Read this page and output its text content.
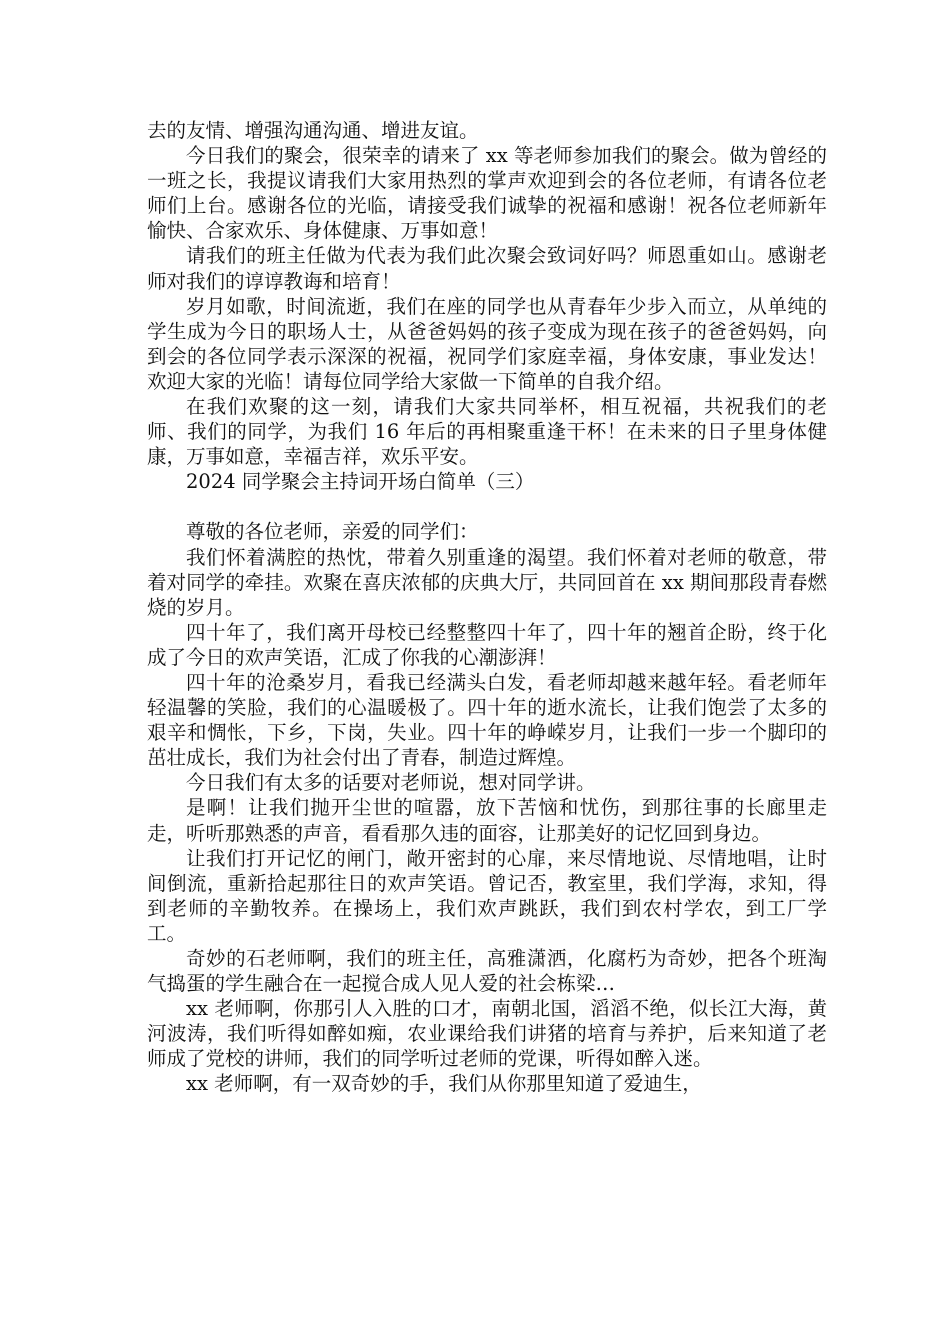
去的友情、增强沟通沟通、增进友谊。

今日我们的聚会，很荣幸的请来了 xx 等老师参加我们的聚会。做为曾经的一班之长，我提议请我们大家用热烈的掌声欢迎到会的各位老师，有请各位老师们上台。感谢各位的光临，请接受我们诚挚的祝福和感谢！祝各位老师新年愉快、合家欢乐、身体健康、万事如意！

请我们的班主任做为代表为我们此次聚会致词好吗？师恩重如山。感谢老师对我们的谆谆教诲和培育！

岁月如歌，时间流逝，我们在座的同学也从青春年少步入而立，从单纯的学生成为今日的职场人士，从爸爸妈妈的孩子变成为现在孩子的爸爸妈妈，向到会的各位同学表示深深的祝福，祝同学们家庭幸福，身体安康，事业发达！欢迎大家的光临！请每位同学给大家做一下简单的自我介绍。

在我们欢聚的这一刻，请我们大家共同举杯，相互祝福，共祝我们的老师、我们的同学，为我们 16 年后的再相聚重逢干杯！在未来的日子里身体健康，万事如意，幸福吉祥，欢乐平安。

2024 同学聚会主持词开场白简单（三）

尊敬的各位老师，亲爱的同学们：

我们怀着满腔的热忱，带着久别重逢的渴望。我们怀着对老师的敬意，带着对同学的牵挂。欢聚在喜庆浓郁的庆典大厅，共同回首在 xx 期间那段青春燃烧的岁月。

四十年了，我们离开母校已经整整四十年了，四十年的翘首企盼，终于化成了今日的欢声笑语，汇成了你我的心潮澎湃！

四十年的沧桑岁月，看我已经满头白发，看老师却越来越年轻。看老师年轻温馨的笑脸，我们的心温暖极了。四十年的逝水流长，让我们饱尝了太多的艰辛和惆怅，下乡，下岗，失业。四十年的峥嵘岁月，让我们一步一个脚印的茁壮成长，我们为社会付出了青春，制造过辉煌。

今日我们有太多的话要对老师说，想对同学讲。

是啊！让我们抛开尘世的喧嚣，放下苦恼和忧伤，到那往事的长廊里走走，听听那熟悉的声音，看看那久违的面容，让那美好的记忆回到身边。

让我们打开记忆的闸门，敞开密封的心扉，来尽情地说、尽情地唱，让时间倒流，重新拾起那往日的欢声笑语。曾记否，教室里，我们学海，求知，得到老师的辛勤牧养。在操场上，我们欢声跳跃，我们到农村学农，到工厂学工。

奇妙的石老师啊，我们的班主任，高雅潇洒，化腐朽为奇妙，把各个班淘气捣蛋的学生融合在一起搅合成人见人爱的社会栋梁…

xx 老师啊，你那引人入胜的口才，南朝北国，滔滔不绝，似长江大海，黄河波涛，我们听得如醉如痴，农业课给我们讲猪的培育与养护，后来知道了老师成了党校的讲师，我们的同学听过老师的党课，听得如醉入迷。

xx 老师啊，有一双奇妙的手，我们从你那里知道了爱迪生，
